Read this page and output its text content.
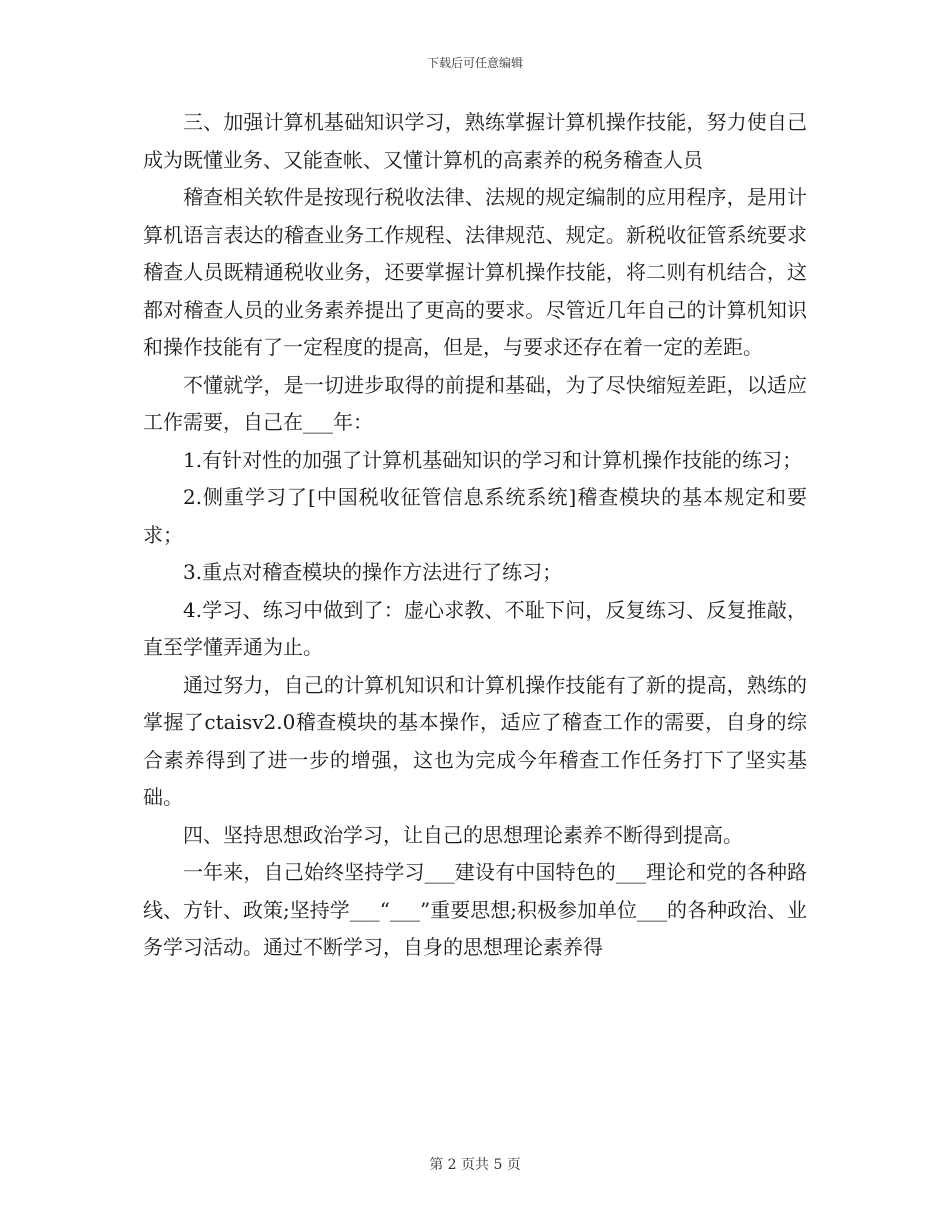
下载后可任意编辑

三、加强计算机基础知识学习，熟练掌握计算机操作技能，努力使自己成为既懂业务、又能查帐、又懂计算机的高素养的税务稽查人员

稽查相关软件是按现行税收法律、法规的规定编制的应用程序，是用计算机语言表达的稽查业务工作规程、法律规范、规定。新税收征管系统要求稽查人员既精通税收业务，还要掌握计算机操作技能，将二则有机结合，这都对稽查人员的业务素养提出了更高的要求。尽管近几年自己的计算机知识和操作技能有了一定程度的提高，但是，与要求还存在着一定的差距。

不懂就学，是一切进步取得的前提和基础，为了尽快缩短差距，以适应工作需要，自己在___年：

1.有针对性的加强了计算机基础知识的学习和计算机操作技能的练习；

2.侧重学习了[中国税收征管信息系统系统]稽查模块的基本规定和要求；

3.重点对稽查模块的操作方法进行了练习；

4.学习、练习中做到了：虚心求教、不耻下问，反复练习、反复推敲，直至学懂弄通为止。

通过努力，自己的计算机知识和计算机操作技能有了新的提高，熟练的掌握了ctaisv2.0稽查模块的基本操作，适应了稽查工作的需要，自身的综合素养得到了进一步的增强，这也为完成今年稽查工作任务打下了坚实基础。

四、坚持思想政治学习，让自己的思想理论素养不断得到提高。

一年来，自己始终坚持学习___建设有中国特色的___理论和党的各种路线、方针、政策;坚持学___“___”重要思想;积极参加单位___的各种政治、业务学习活动。通过不断学习，自身的思想理论素养得

第 2 页共 5 页
